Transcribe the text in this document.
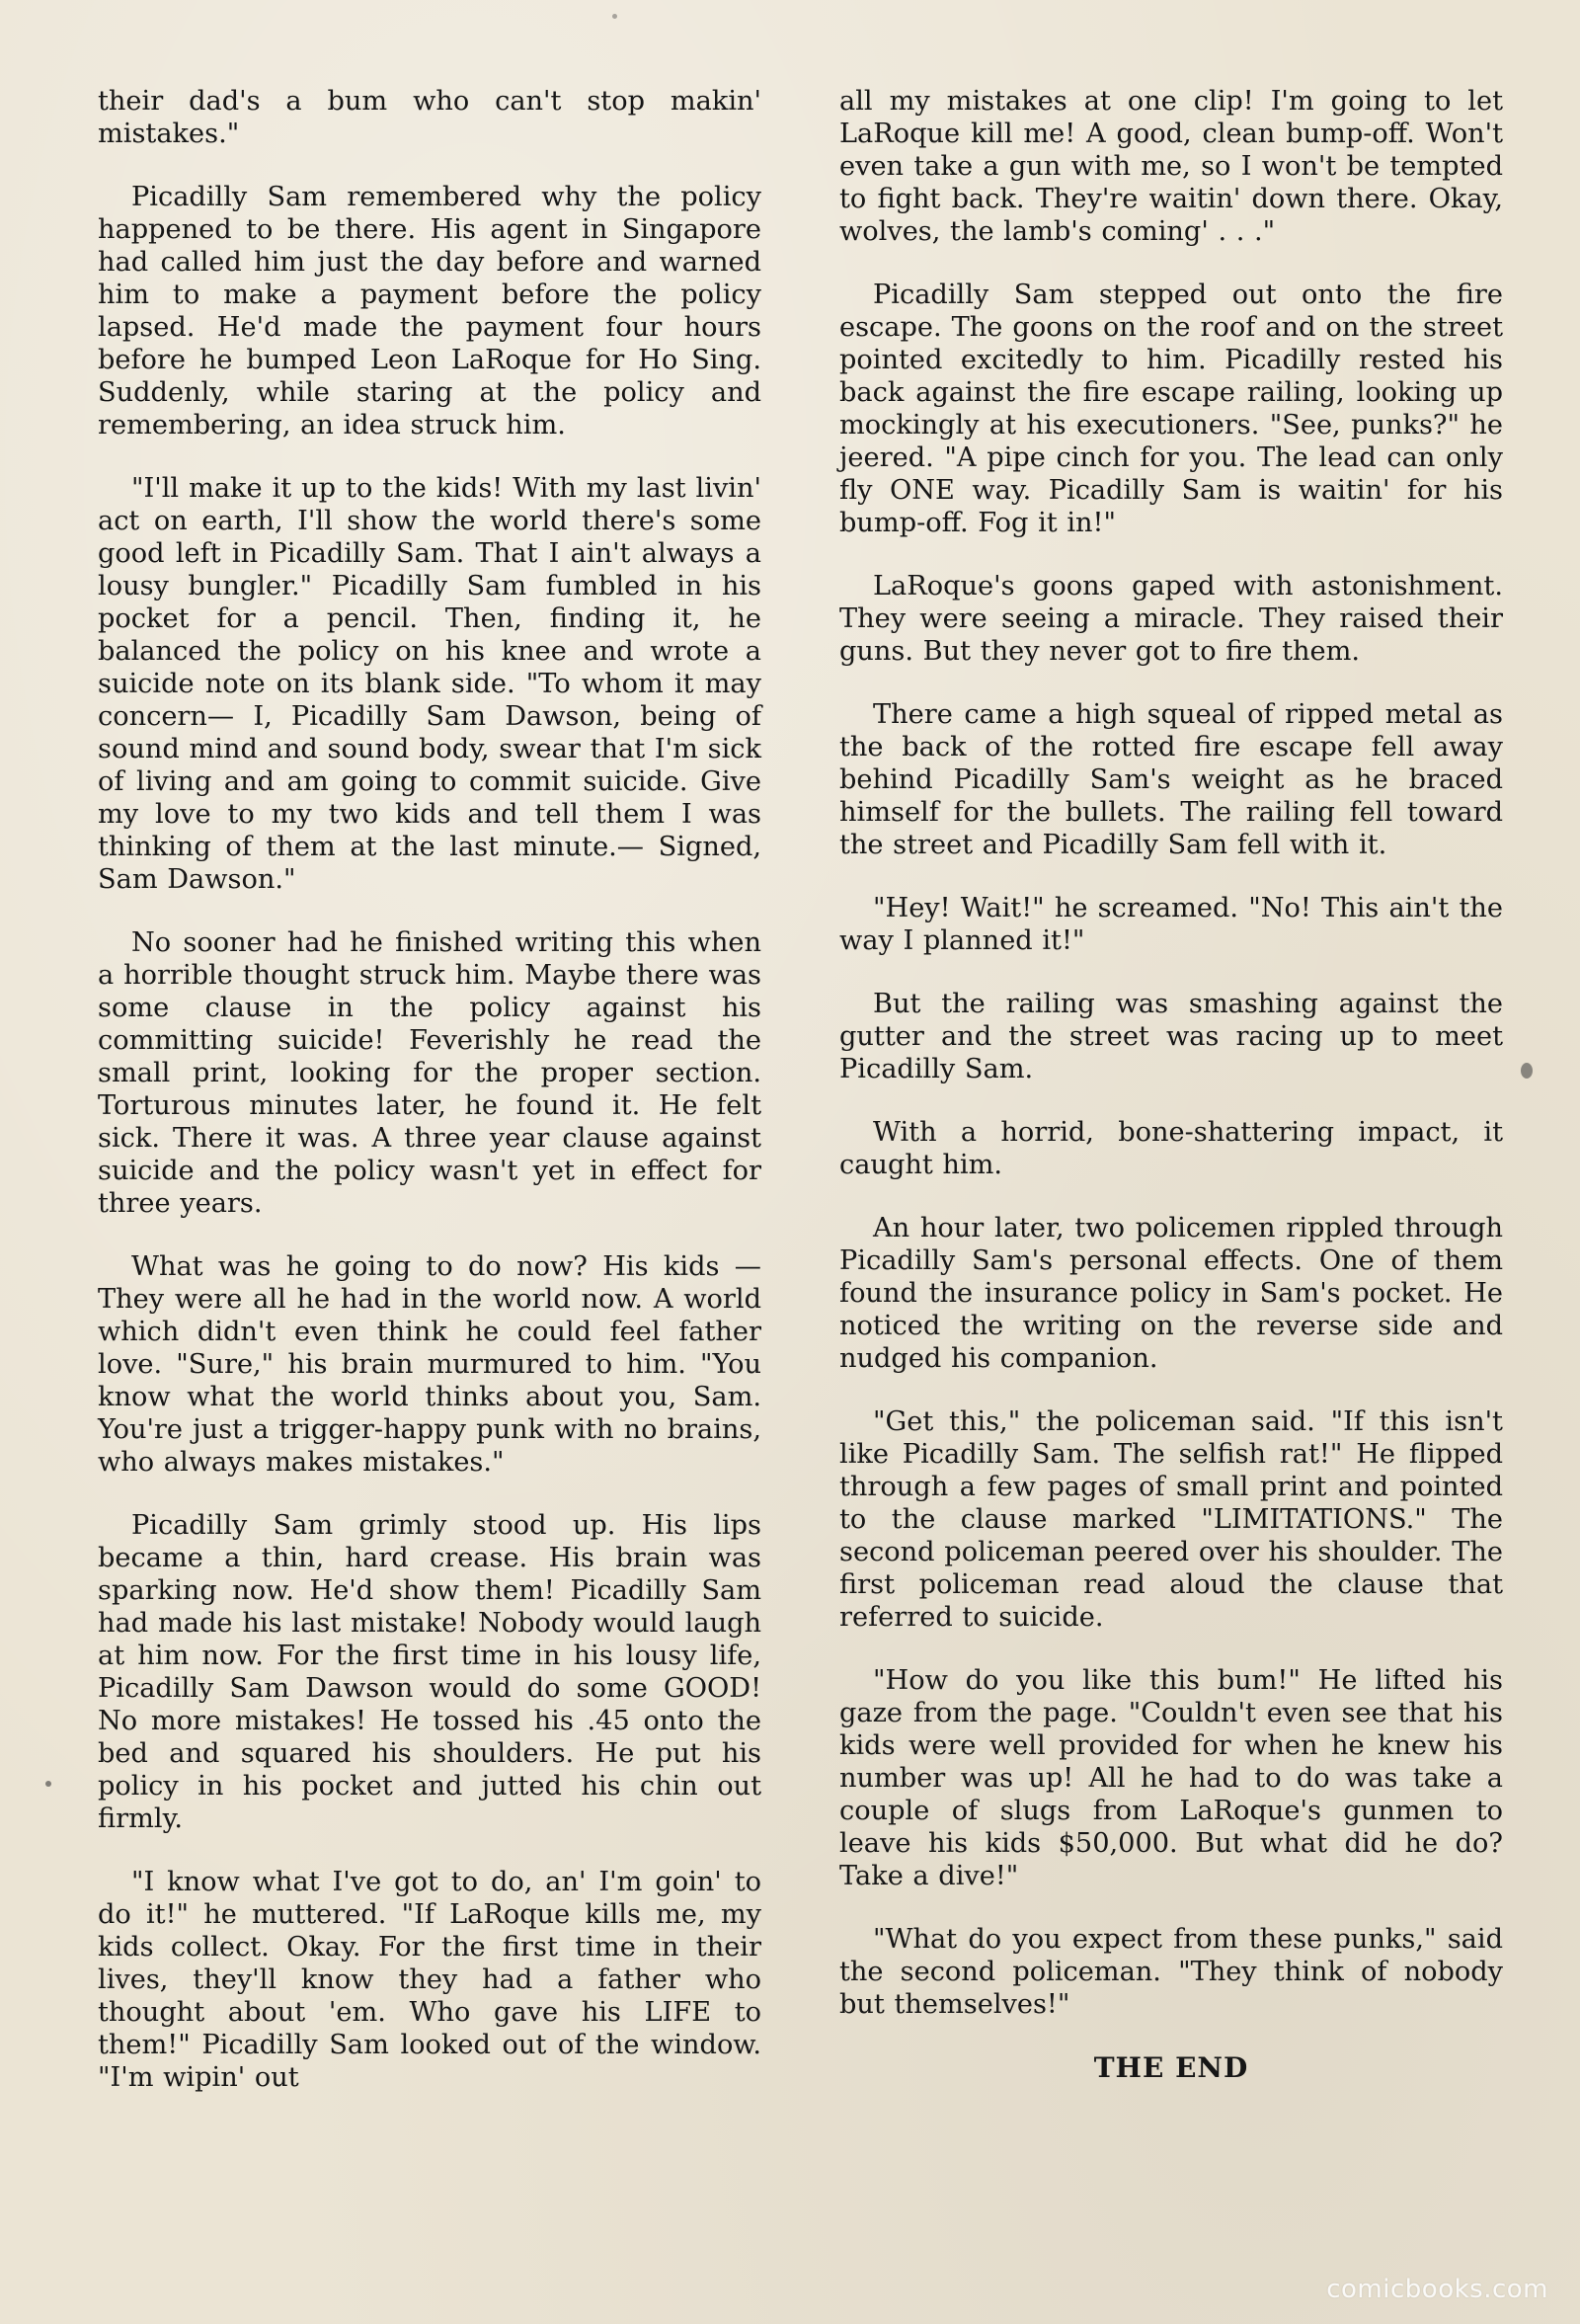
their dad's a bum who can't stop makin' mistakes."

Picadilly Sam remembered why the policy happened to be there. His agent in Singapore had called him just the day before and warned him to make a payment before the policy lapsed. He'd made the payment four hours before he bumped Leon LaRoque for Ho Sing. Suddenly, while staring at the policy and remembering, an idea struck him.

"I'll make it up to the kids! With my last livin' act on earth, I'll show the world there's some good left in Picadilly Sam. That I ain't always a lousy bungler." Picadilly Sam fumbled in his pocket for a pencil. Then, finding it, he balanced the policy on his knee and wrote a suicide note on its blank side. "To whom it may concern— I, Picadilly Sam Dawson, being of sound mind and sound body, swear that I'm sick of living and am going to commit suicide. Give my love to my two kids and tell them I was thinking of them at the last minute.— Signed, Sam Dawson."

No sooner had he finished writing this when a horrible thought struck him. Maybe there was some clause in the policy against his committing suicide! Feverishly he read the small print, looking for the proper section. Torturous minutes later, he found it. He felt sick. There it was. A three year clause against suicide and the policy wasn't yet in effect for three years.

What was he going to do now? His kids —They were all he had in the world now. A world which didn't even think he could feel father love. "Sure," his brain murmured to him. "You know what the world thinks about you, Sam. You're just a trigger-happy punk with no brains, who always makes mistakes."

Picadilly Sam grimly stood up. His lips became a thin, hard crease. His brain was sparking now. He'd show them! Picadilly Sam had made his last mistake! Nobody would laugh at him now. For the first time in his lousy life, Picadilly Sam Dawson would do some GOOD! No more mistakes! He tossed his .45 onto the bed and squared his shoulders. He put his policy in his pocket and jutted his chin out firmly.

"I know what I've got to do, an' I'm goin' to do it!" he muttered. "If LaRoque kills me, my kids collect. Okay. For the first time in their lives, they'll know they had a father who thought about 'em. Who gave his LIFE to them!" Picadilly Sam looked out of the window. "I'm wipin' out

all my mistakes at one clip! I'm going to let LaRoque kill me! A good, clean bump-off. Won't even take a gun with me, so I won't be tempted to fight back. They're waitin' down there. Okay, wolves, the lamb's coming' . . ."

Picadilly Sam stepped out onto the fire escape. The goons on the roof and on the street pointed excitedly to him. Picadilly rested his back against the fire escape railing, looking up mockingly at his executioners. "See, punks?" he jeered. "A pipe cinch for you. The lead can only fly ONE way. Picadilly Sam is waitin' for his bump-off. Fog it in!"

LaRoque's goons gaped with astonishment. They were seeing a miracle. They raised their guns. But they never got to fire them.

There came a high squeal of ripped metal as the back of the rotted fire escape fell away behind Picadilly Sam's weight as he braced himself for the bullets. The railing fell toward the street and Picadilly Sam fell with it.

"Hey! Wait!" he screamed. "No! This ain't the way I planned it!"

But the railing was smashing against the gutter and the street was racing up to meet Picadilly Sam.

With a horrid, bone-shattering impact, it caught him.

An hour later, two policemen rippled through Picadilly Sam's personal effects. One of them found the insurance policy in Sam's pocket. He noticed the writing on the reverse side and nudged his companion.

"Get this," the policeman said. "If this isn't like Picadilly Sam. The selfish rat!" He flipped through a few pages of small print and pointed to the clause marked "LIMITATIONS." The second policeman peered over his shoulder. The first policeman read aloud the clause that referred to suicide.

"How do you like this bum!" He lifted his gaze from the page. "Couldn't even see that his kids were well provided for when he knew his number was up! All he had to do was take a couple of slugs from LaRoque's gunmen to leave his kids $50,000. But what did he do? Take a dive!"

"What do you expect from these punks," said the second policeman. "They think of nobody but themselves!"

THE END
comicbooks.com
